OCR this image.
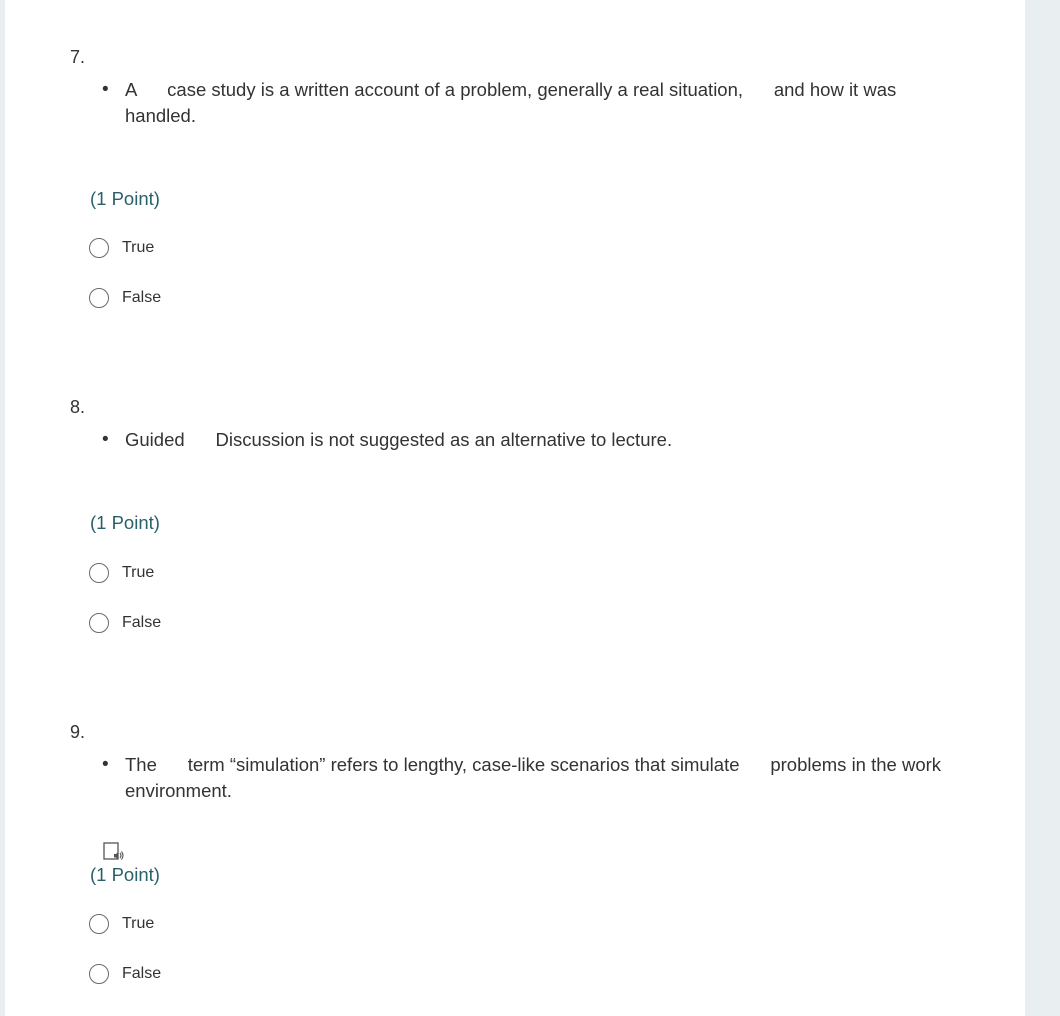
7.
• A      case study is a written account of a problem, generally a real situation,      and how it was handled.
(1 Point)
True
False
8.
• Guided      Discussion is not suggested as an alternative to lecture.
(1 Point)
True
False
9.
• The      term “simulation” refers to lengthy, case-like scenarios that simulate      problems in the work environment.
(1 Point)
True
False
